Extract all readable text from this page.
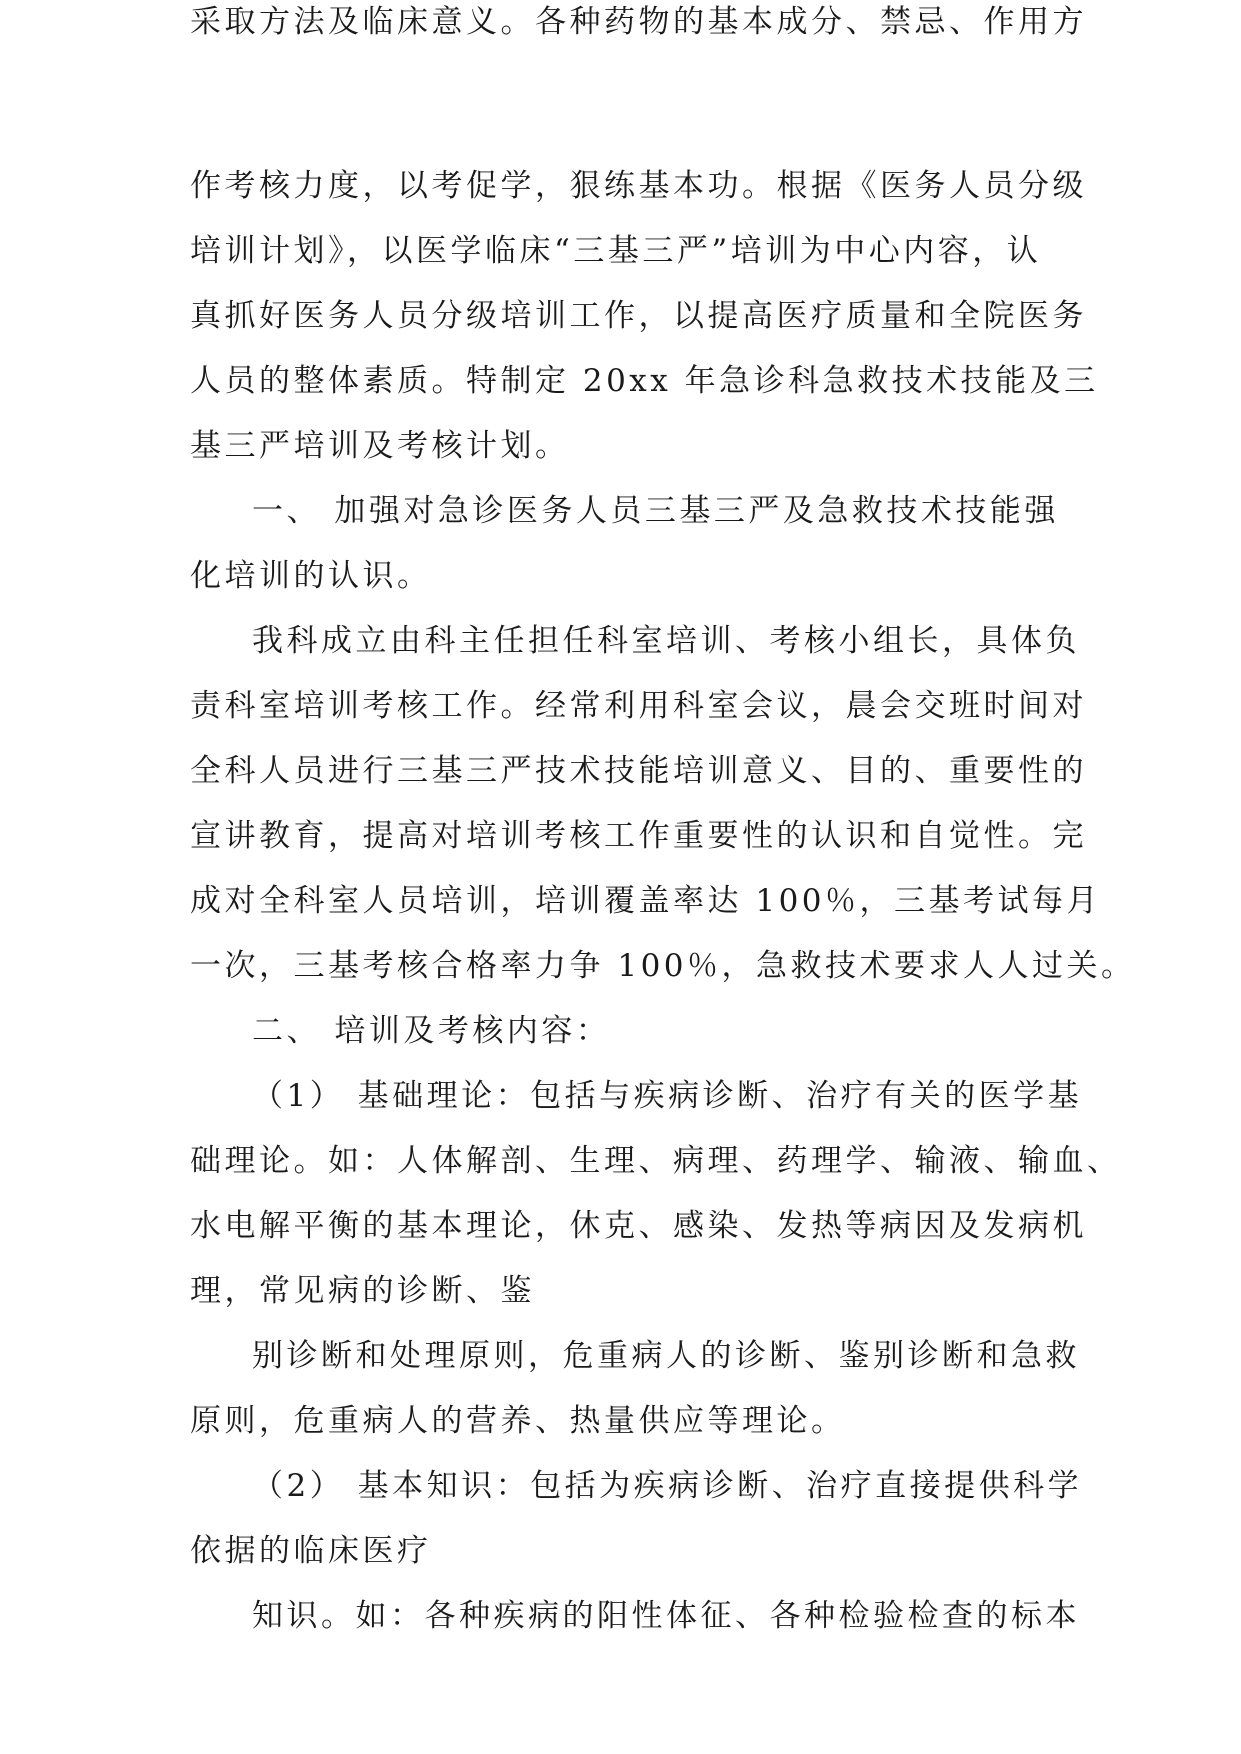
作考核力度，以考促学，狠练基本功。根据《医务人员分级
培训计划》，以医学临床“三基三严”培训为中心内容，认
真抓好医务人员分级培训工作，以提高医疗质量和全院医务
人员的整体素质。特制定 20xx 年急诊科急救技术技能及三
基三严培训及考核计划。
一、 加强对急诊医务人员三基三严及急救技术技能强
化培训的认识。
我科成立由科主任担任科室培训、考核小组长，具体负
责科室培训考核工作。经常利用科室会议，晨会交班时间对
全科人员进行三基三严技术技能培训意义、目的、重要性的
宣讲教育，提高对培训考核工作重要性的认识和自觉性。完
成对全科室人员培训，培训覆盖率达 100％，三基考试每月
一次，三基考核合格率力争 100％，急救技术要求人人过关。
二、 培训及考核内容：
（1） 基础理论：包括与疾病诊断、治疗有关的医学基
础理论。如：人体解剖、生理、病理、药理学、输液、输血、
水电解平衡的基本理论，休克、感染、发热等病因及发病机
理，常见病的诊断、鉴
别诊断和处理原则，危重病人的诊断、鉴别诊断和急救
原则，危重病人的营养、热量供应等理论。
（2） 基本知识：包括为疾病诊断、治疗直接提供科学
依据的临床医疗
知识。如：各种疾病的阳性体征、各种检验检查的标本
采取方法及临床意义。各种药物的基本成分、禁忌、作用方
